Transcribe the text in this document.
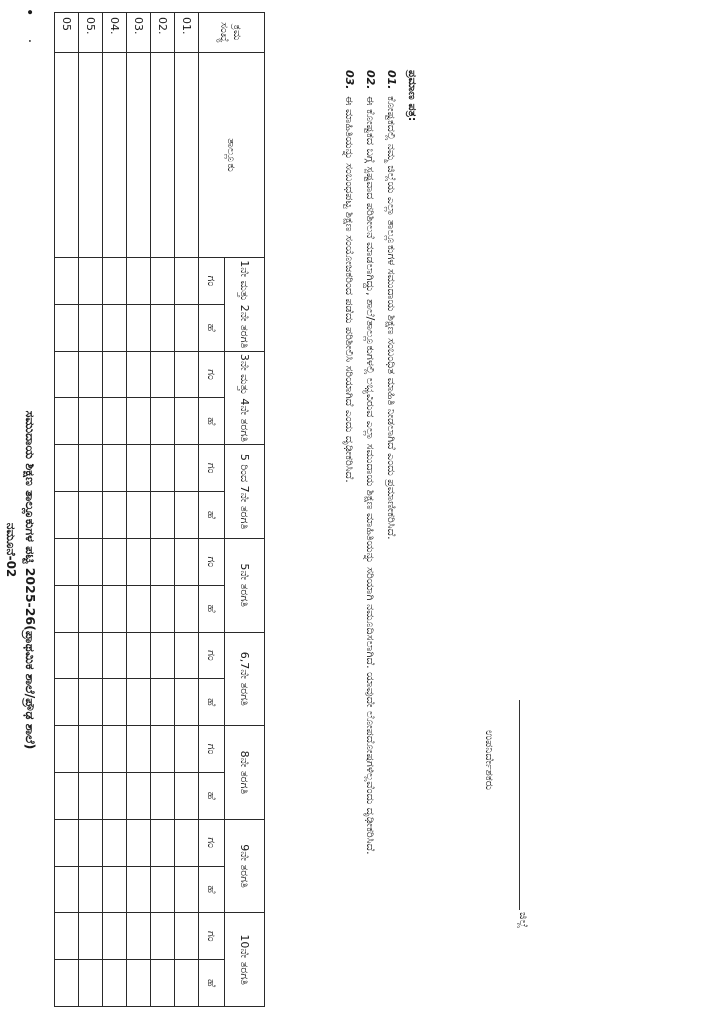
• ·
ನಮೂನೆ-02 ಸಮುದಾಯ ಶಿಕ್ಷಣ ತಾಲ್ಲೂಕುಗಳ ಪಟ್ಟಿ 2025-26(ಪ್ರಾಥಮಿಕ ಶಾಲೆ/ಪ್ರೌಢ ಶಾಲೆ)
ಕ್ರಮ ಸಂಖ್ಯೆ	ತಾಲ್ಲೂಕು	1ನೇ ಮತ್ತು 2ನೇ ತರಗತಿ		3ನೇ ಮತ್ತು 4ನೇ ತರಗತಿ		5 ರಿಂದ 7ನೇ ತರಗತಿ		5ನೇ ತರಗತಿ		6,7ನೇ ತರಗತಿ		8ನೇ ತರಗತಿ		9ನೇ ತರಗತಿ		10ನೇ ತರಗತಿ	
		ಗಂ	ಹೆ	ಗಂ	ಹೆ	ಗಂ	ಹೆ	ಗಂ	ಹೆ	ಗಂ	ಹೆ	ಗಂ	ಹೆ	ಗಂ	ಹೆ	ಗಂ	ಹೆ
01.																	
02.																	
03.																	
04.																	
05.																	
05																	
ಪ್ರಮಾಣ ಪತ್ರ:
01.ಕೋಷ್ಟಕದಲ್ಲಿ ನಮ್ಮ ಜಿಲ್ಲೆಯ ಎಲ್ಲಾ ತಾಲ್ಲೂಕುಗಳ ಸಮುದಾಯ ಶಿಕ್ಷಣ ಸಂಬಂಧಿತ ಮಾಹಿತಿ ನೀಡಲಾಗಿದೆ ಎಂದು ಪ್ರಮಾಣೀಕರಿಸಿದೆ.
02.ಈ ಕೋಷ್ಟಕದ ಬಗ್ಗೆ ಸ್ಪಷ್ಟವಾದ ಪರಿಶೀಲನೆ ಮಾಡಲಾಗಿದ್ದು, ಶಾಲೆ/ತಾಲ್ಲೂಕುಗಳಲ್ಲಿ ಲಭ್ಯವಿರುವ ಎಲ್ಲಾ ಸಮುದಾಯ ಶಿಕ್ಷಣ ಮಾಹಿತಿಯನ್ನು ಸರಿಯಾಗಿ ನಮೂದಿಸಲಾಗಿದೆ. ಯಾವುದೇ ಲೋಪದೋಷಗಳಿಲ್ಲವೆಂದು ದೃಢೀಕರಿಸಿದೆ.
03.ಈ ಮಾಹಿತಿಯನ್ನು ಸಂಬಂಧಪಟ್ಟ ಶಿಕ್ಷಣ ಸಂಯೋಜಕರಿಂದ ಪಡೆದು ಪರಿಶೀಲಿಸಿ ಸರಿಯಾಗಿದೆ ಎಂದು ದೃಢೀಕರಿಸಿದೆ.
ಜಿಲ್ಲೆ
ಉಪನಿರ್ದೇಶಕರು
